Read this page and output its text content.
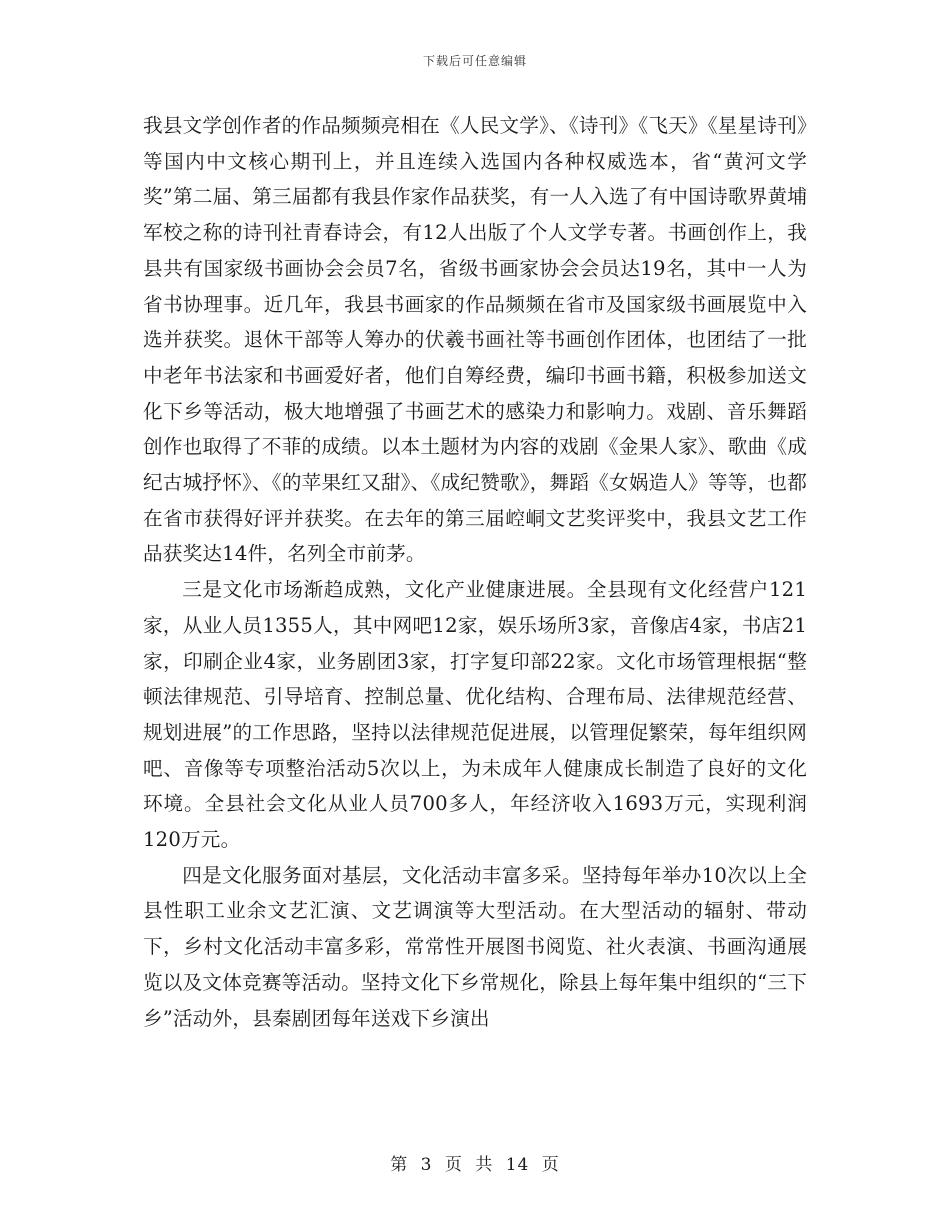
下载后可任意编辑

我县文学创作者的作品频频亮相在《人民文学》、《诗刊》《飞天》《星星诗刊》等国内中文核心期刊上，并且连续入选国内各种权威选本，省“黄河文学奖”第二届、第三届都有我县作家作品获奖，有一人入选了有中国诗歌界黄埔军校之称的诗刊社青春诗会，有12人出版了个人文学专著。书画创作上，我县共有国家级书画协会会员7名，省级书画家协会会员达19名，其中一人为省书协理事。近几年，我县书画家的作品频频在省市及国家级书画展览中入选并获奖。退休干部等人筹办的伏羲书画社等书画创作团体，也团结了一批中老年书法家和书画爱好者，他们自筹经费，编印书画书籍，积极参加送文化下乡等活动，极大地增强了书画艺术的感染力和影响力。戏剧、音乐舞蹈创作也取得了不菲的成绩。以本土题材为内容的戏剧《金果人家》、歌曲《成纪古城抒怀》、《的苹果红又甜》、《成纪赞歌》，舞蹈《女娲造人》等等，也都在省市获得好评并获奖。在去年的第三届崆峒文艺奖评奖中，我县文艺工作品获奖达14件，名列全市前茅。

三是文化市场渐趋成熟，文化产业健康进展。全县现有文化经营户121家，从业人员1355人，其中网吧12家，娱乐场所3家，音像店4家，书店21家，印刷企业4家，业务剧团3家，打字复印部22家。文化市场管理根据“整顿法律规范、引导培育、控制总量、优化结构、合理布局、法律规范经营、规划进展”的工作思路，坚持以法律规范促进展，以管理促繁荣，每年组织网吧、音像等专项整治活动5次以上，为未成年人健康成长制造了良好的文化环境。全县社会文化从业人员700多人，年经济收入1693万元，实现利润120万元。

四是文化服务面对基层，文化活动丰富多采。坚持每年举办10次以上全县性职工业余文艺汇演、文艺调演等大型活动。在大型活动的辐射、带动下，乡村文化活动丰富多彩，常常性开展图书阅览、社火表演、书画沟通展览以及文体竞赛等活动。坚持文化下乡常规化，除县上每年集中组织的“三下乡”活动外，县秦剧团每年送戏下乡演出

第 3 页 共 14 页
